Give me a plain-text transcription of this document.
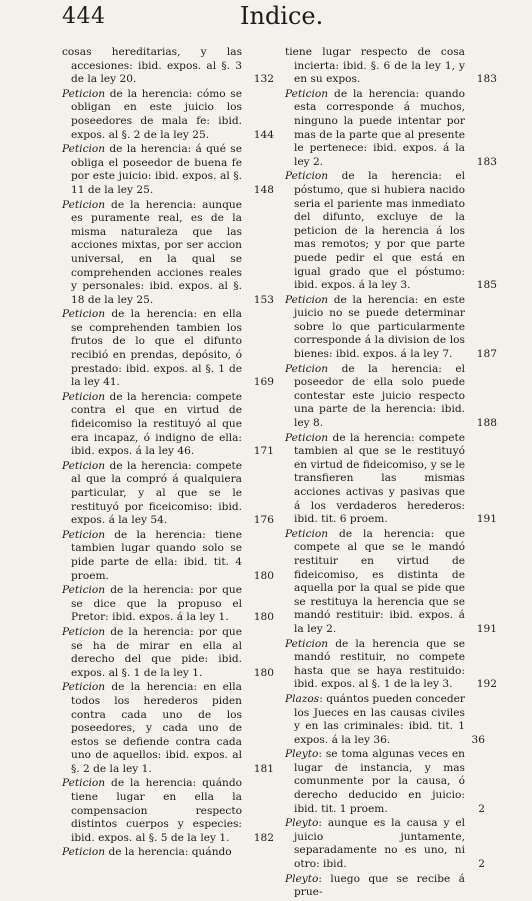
444	Indice.
cosas hereditarias, y las accesiones: ibid. expos. al §. 3 de la ley 20.	132
Peticion de la herencia: cómo se obligan en este juicio los poseedores de mala fe: ibid. expos. al §. 2 de la ley 25.	144
Peticion de la herencia: á qué se obliga el poseedor de buena fe por este juicio: ibid. expos. al §. 11 de la ley 25.	148
Peticion de la herencia: aunque es puramente real, es de la misma naturaleza que las acciones mixtas, por ser accion universal, en la qual se comprehenden acciones reales y personales: ibid. expos. al §. 18 de la ley 25.	153
Peticion de la herencia: en ella se comprehenden tambien los frutos de lo que el difunto recibió en prendas, depósito, ó prestado: ibid. expos. al §. 1 de la ley 41.	169
Peticion de la herencia: compete contra el que en virtud de fideicomiso la restituyó al que era incapaz, ó indigno de ella: ibid. expos. á la ley 46.	171
Peticion de la herencia: compete al que la compró á qualquiera particular, y al que se le restituyó por ficeicomiso: ibid. expos. á la ley 54.	176
Peticion de la herencia: tiene tambien lugar quando solo se pide parte de ella: ibid. tit. 4 proem.	180
Peticion de la herencia: por que se dice que la propuso el Pretor: ibid. expos. á la ley 1.	180
Peticion de la herencia: por que se ha de mirar en ella al derecho del que pide: ibid. expos. al §. 1 de la ley 1.	180
Peticion de la herencia: en ella todos los herederos piden contra cada uno de los poseedores, y cada uno de estos se defiende contra cada uno de aquellos: ibid. expos. al §. 2 de la ley 1.	181
Peticion de la herencia: quándo tiene lugar en ella la compensacion respecto distintos cuerpos y especies: ibid. expos. al §. 5 de la ley 1.	182
Peticion de la herencia: quándo
tiene lugar respecto de cosa incierta: ibid. §. 6 de la ley 1, y en su expos.	183
Peticion de la herencia: quando esta corresponde á muchos, ninguno la puede intentar por mas de la parte que al presente le pertenece: ibid. expos. á la ley 2.	183
Peticion de la herencia: el póstumo, que si hubiera nacido seria el pariente mas inmediato del difunto, excluye de la peticion de la herencia á los mas remotos; y por que parte puede pedir el que está en igual grado que el póstumo: ibid. expos. á la ley 3.	185
Peticion de la herencia: en este juicio no se puede determinar sobre lo que particularmente corresponde á la division de los bienes: ibid. expos. á la ley 7.	187
Peticion de la herencia: el poseedor de ella solo puede contestar este juicio respecto una parte de la herencia: ibid. ley 8.	188
Peticion de la herencia: compete tambien al que se le restituyó en virtud de fideicomiso, y se le transfieren las mismas acciones activas y pasivas que á los verdaderos herederos: ibid. tit. 6 proem.	191
Peticion de la herencia: que compete al que se le mandó restituir en virtud de fideicomiso, es distinta de aquella por la qual se pide que se restituya la herencia que se mandó restituir: ibid. expos. á la ley 2.	191
Peticion de la herencia que se mandó restituir, no compete hasta que se haya restituido: ibid. expos. al §. 1 de la ley 3.	192
Plazos: quántos pueden conceder los Jueces en las causas civiles y en las criminales: ibid. tit. 1 expos. á la ley 36.	36
Pleyto: se toma algunas veces en lugar de instancia, y mas comunmente por la causa, ó derecho deducido en juicio: ibid. tit. 1 proem.	2
Pleyto: aunque es la causa y el juicio juntamente, separadamente no es uno, ni otro: ibid.	2
Pleyto: luego que se recibe á prue-
